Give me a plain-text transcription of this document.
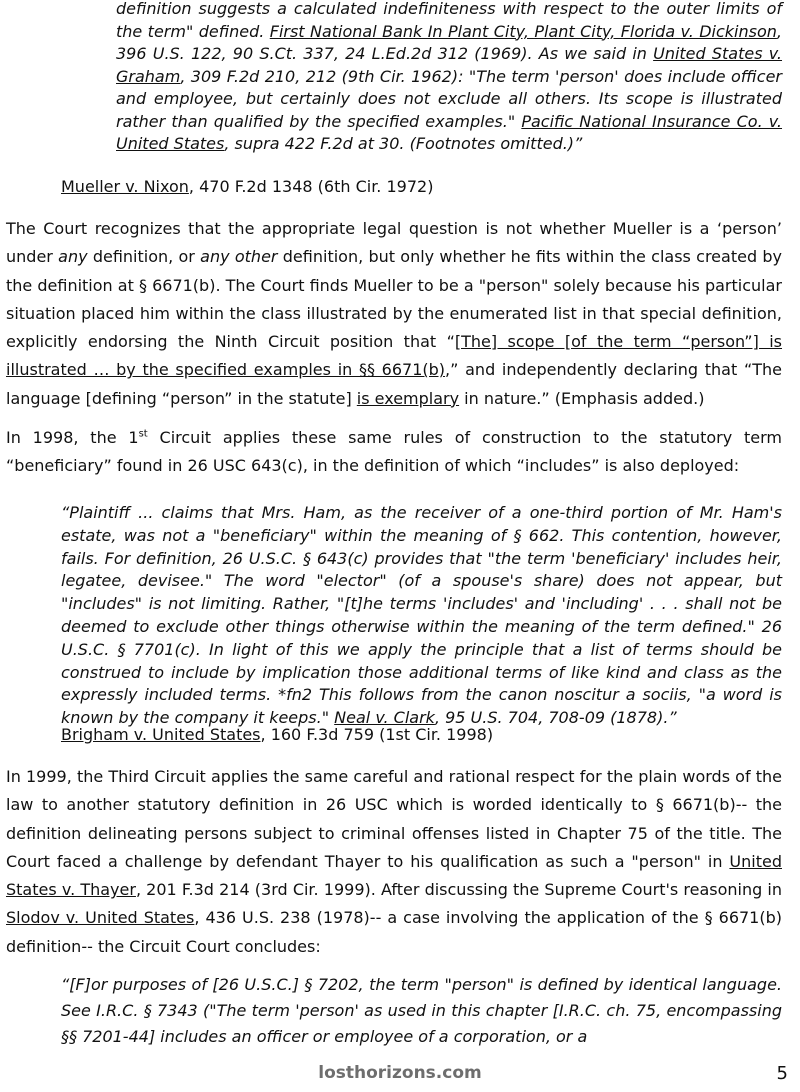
definition suggests a calculated indefiniteness with respect to the outer limits of the term" defined. First National Bank In Plant City, Plant City, Florida v. Dickinson, 396 U.S. 122, 90 S.Ct. 337, 24 L.Ed.2d 312 (1969). As we said in United States v. Graham, 309 F.2d 210, 212 (9th Cir. 1962): "The term 'person' does include officer and employee, but certainly does not exclude all others. Its scope is illustrated rather than qualified by the specified examples." Pacific National Insurance Co. v. United States, supra 422 F.2d at 30. (Footnotes omitted.)”

Mueller v. Nixon, 470 F.2d 1348 (6th Cir. 1972)

The Court recognizes that the appropriate legal question is not whether Mueller is a ‘person’ under any definition, or any other definition, but only whether he fits within the class created by the definition at § 6671(b). The Court finds Mueller to be a "person" solely because his particular situation placed him within the class illustrated by the enumerated list in that special definition, explicitly endorsing the Ninth Circuit position that “[The] scope [of the term “person”] is illustrated … by the specified examples in §§ 6671(b),” and independently declaring that “The language [defining “person” in the statute] is exemplary in nature.” (Emphasis added.)

In 1998, the 1st Circuit applies these same rules of construction to the statutory term “beneficiary” found in 26 USC 643(c), in the definition of which “includes” is also deployed:

“Plaintiff ... claims that Mrs. Ham, as the receiver of a one-third portion of Mr. Ham's estate, was not a "beneficiary" within the meaning of § 662. This contention, however, fails. For definition, 26 U.S.C. § 643(c) provides that "the term 'beneficiary' includes heir, legatee, devisee." The word "elector" (of a spouse's share) does not appear, but "includes" is not limiting. Rather, "[t]he terms 'includes' and 'including' . . . shall not be deemed to exclude other things otherwise within the meaning of the term defined." 26 U.S.C. § 7701(c). In light of this we apply the principle that a list of terms should be construed to include by implication those additional terms of like kind and class as the expressly included terms. *fn2 This follows from the canon noscitur a sociis, "a word is known by the company it keeps." Neal v. Clark, 95 U.S. 704, 708-09 (1878).”

Brigham v. United States, 160 F.3d 759 (1st Cir. 1998)

In 1999, the Third Circuit applies the same careful and rational respect for the plain words of the law to another statutory definition in 26 USC which is worded identically to § 6671(b)-- the definition delineating persons subject to criminal offenses listed in Chapter 75 of the title. The Court faced a challenge by defendant Thayer to his qualification as such a "person" in United States v. Thayer, 201 F.3d 214 (3rd Cir. 1999). After discussing the Supreme Court's reasoning in Slodov v. United States, 436 U.S. 238 (1978)-- a case involving the application of the § 6671(b) definition-- the Circuit Court concludes:

“[F]or purposes of [26 U.S.C.] § 7202, the term "person" is defined by identical language. See I.R.C. § 7343 ("The term 'person' as used in this chapter [I.R.C. ch. 75, encompassing §§ 7201-44] includes an officer or employee of a corporation, or a

losthorizons.com	5
